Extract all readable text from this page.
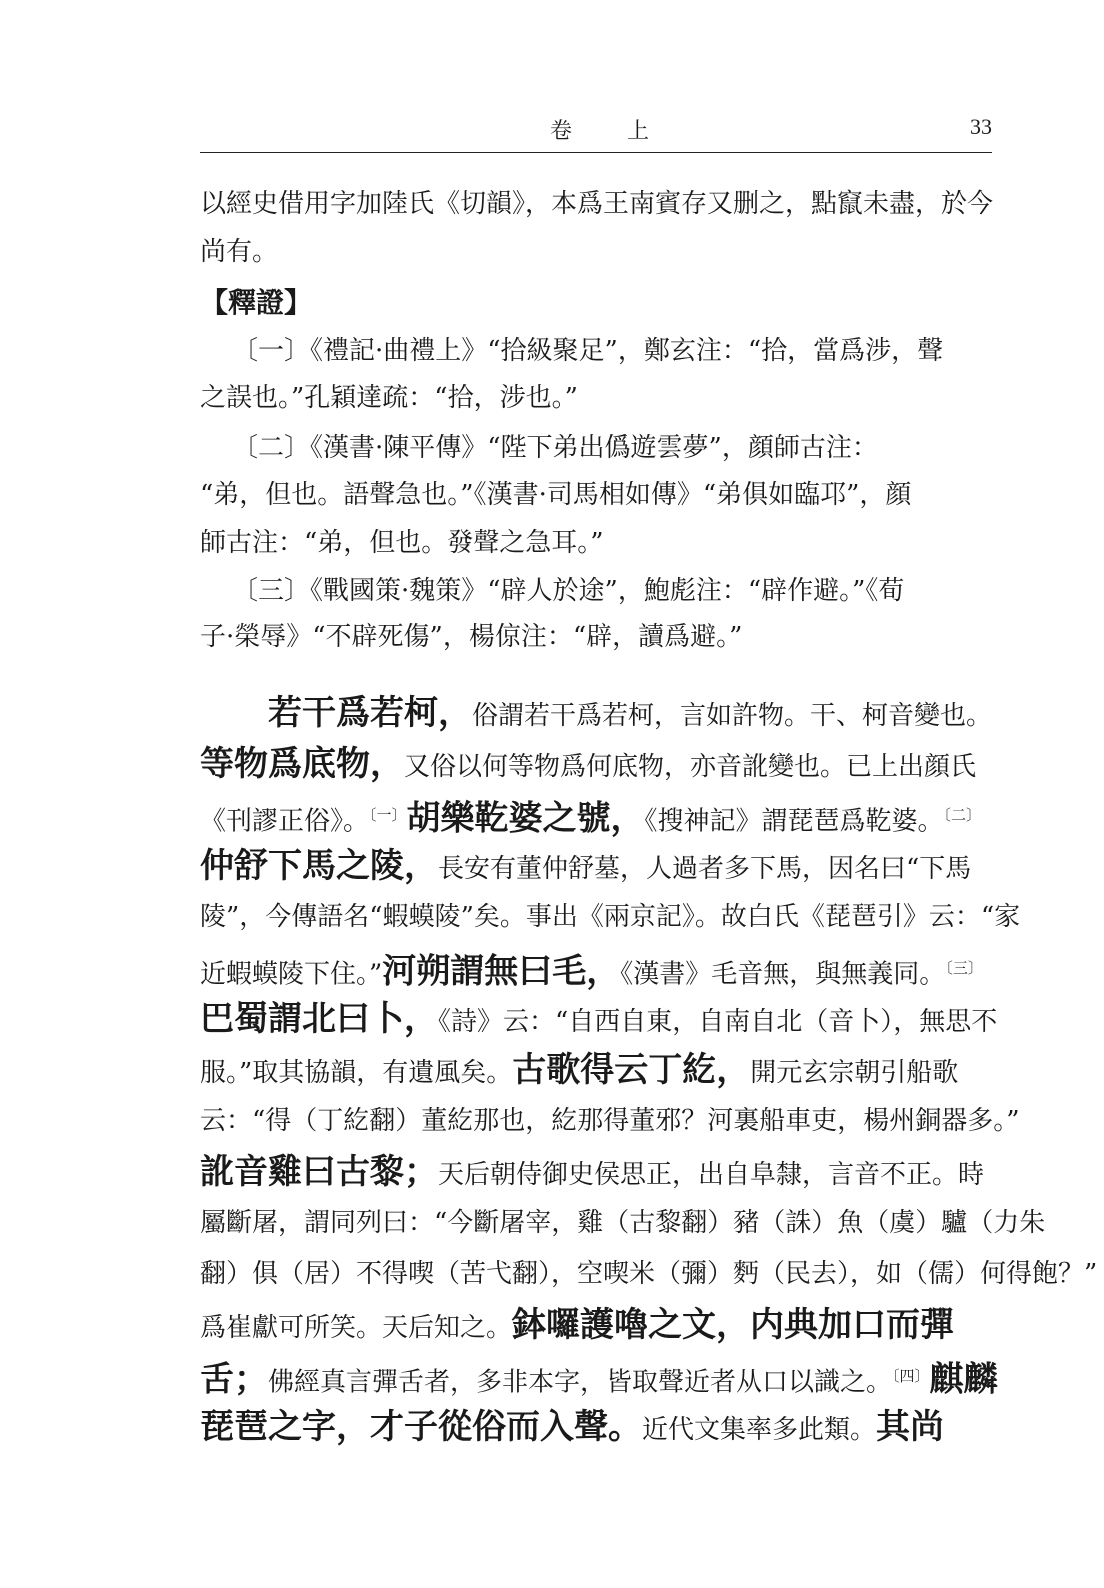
卷 上	33
以經史借用字加陸氏《切韻》，本爲王南賓存又删之，點竄未盡，於今
尚有。
【釋證】
〔一〕《禮記·曲禮上》“拾級聚足”，鄭玄注：“拾，當爲涉，聲
之誤也。”孔穎達疏：“拾，涉也。”
〔二〕《漢書·陳平傳》“陛下弟出僞遊雲夢”，顔師古注：
“弟，但也。語聲急也。”《漢書·司馬相如傳》“弟俱如臨邛”，顔
師古注：“弟，但也。發聲之急耳。”
〔三〕《戰國策·魏策》“辟人於途”，鮑彪注：“辟作避。”《荀
子·榮辱》“不辟死傷”，楊倞注：“辟，讀爲避。”
若干爲若柯，俗謂若干爲若柯，言如許物。干、柯音變也。
等物爲底物，又俗以何等物爲何底物，亦音訛變也。已上出顔氏
《刊謬正俗》。$^{〔一〕}$胡樂䩐婆之號，《搜神記》謂琵琶爲䩐婆。$^{〔二〕}$
仲舒下馬之陵，長安有董仲舒墓，人過者多下馬，因名曰“下馬
陵”，今傳語名“蝦蟆陵”矣。事出《兩京記》。故白氏《琵琶引》云：“家
近蝦蟆陵下住。”河朔謂無曰毛，《漢書》毛音無，與無義同。$^{〔三〕}$
巴蜀謂北曰卜，《詩》云：“自西自東，自南自北（音卜），無思不
服。”取其協韻，有遺風矣。古歌得云丁紇，開元玄宗朝引船歌
云：“得（丁紇翻）董紇那也，紇那得董邪？河裏船車吏，楊州銅器多。”
訛音雞曰古黎；天后朝侍御史侯思正，出自阜隸，言音不正。時
屬斷屠，謂同列曰：“今斷屠宰，雞（古黎翻）豬（誅）魚（虞）驢（力朱
翻）俱（居）不得喫（苦弋翻），空喫米（彌）麪（民去），如（儒）何得飽？”
爲崔獻可所笑。天后知之。鉢囉護嚕之文，内典加口而彈
舌；佛經真言彈舌者，多非本字，皆取聲近者从口以識之。$^{〔四〕}$麒麟
琵琶之字，才子從俗而入聲。近代文集率多此類。其尚
